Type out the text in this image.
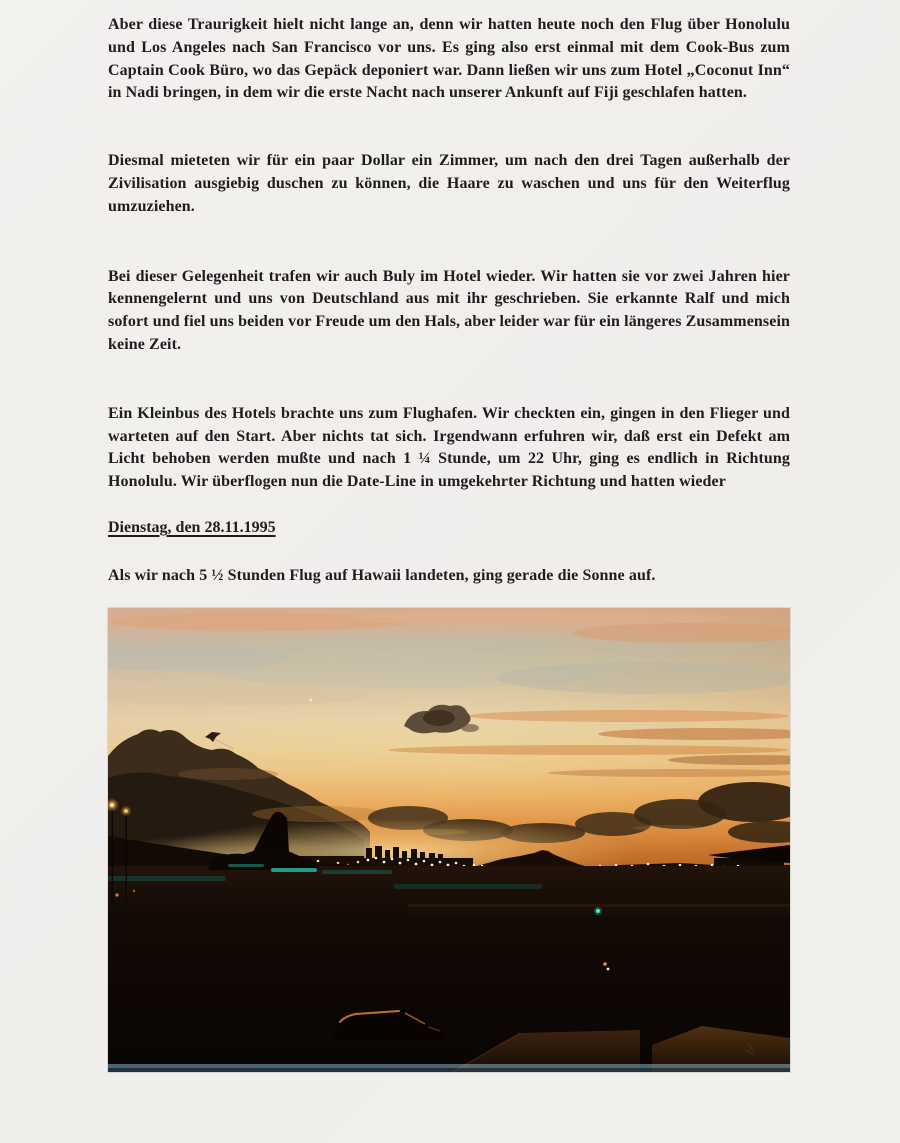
Aber diese Traurigkeit hielt nicht lange an, denn wir hatten heute noch den Flug über Honolulu und Los Angeles nach San Francisco vor uns. Es ging also erst einmal mit dem Cook-Bus zum Captain Cook Büro, wo das Gepäck deponiert war. Dann ließen wir uns zum Hotel „Coconut Inn“ in Nadi bringen, in dem wir die erste Nacht nach unserer Ankunft auf Fiji geschlafen hatten.

Diesmal mieteten wir für ein paar Dollar ein Zimmer, um nach den drei Tagen außerhalb der Zivilisation ausgiebig duschen zu können, die Haare zu waschen und uns für den Weiterflug umzuziehen.

Bei dieser Gelegenheit trafen wir auch Buly im Hotel wieder. Wir hatten sie vor zwei Jahren hier kennengelernt und uns von Deutschland aus mit ihr geschrieben. Sie erkannte Ralf und mich sofort und fiel uns beiden vor Freude um den Hals, aber leider war für ein längeres Zusammensein keine Zeit.

Ein Kleinbus des Hotels brachte uns zum Flughafen. Wir checkten ein, gingen in den Flieger und warteten auf den Start. Aber nichts tat sich. Irgendwann erfuhren wir, daß erst ein Defekt am Licht behoben werden mußte und nach 1 ¼ Stunde, um 22 Uhr, ging es endlich in Richtung Honolulu. Wir überflogen nun die Date-Line in umgekehrter Richtung und hatten wieder

Dienstag, den 28.11.1995

Als wir nach 5 ½ Stunden Flug auf Hawaii landeten, ging gerade die Sonne auf.
